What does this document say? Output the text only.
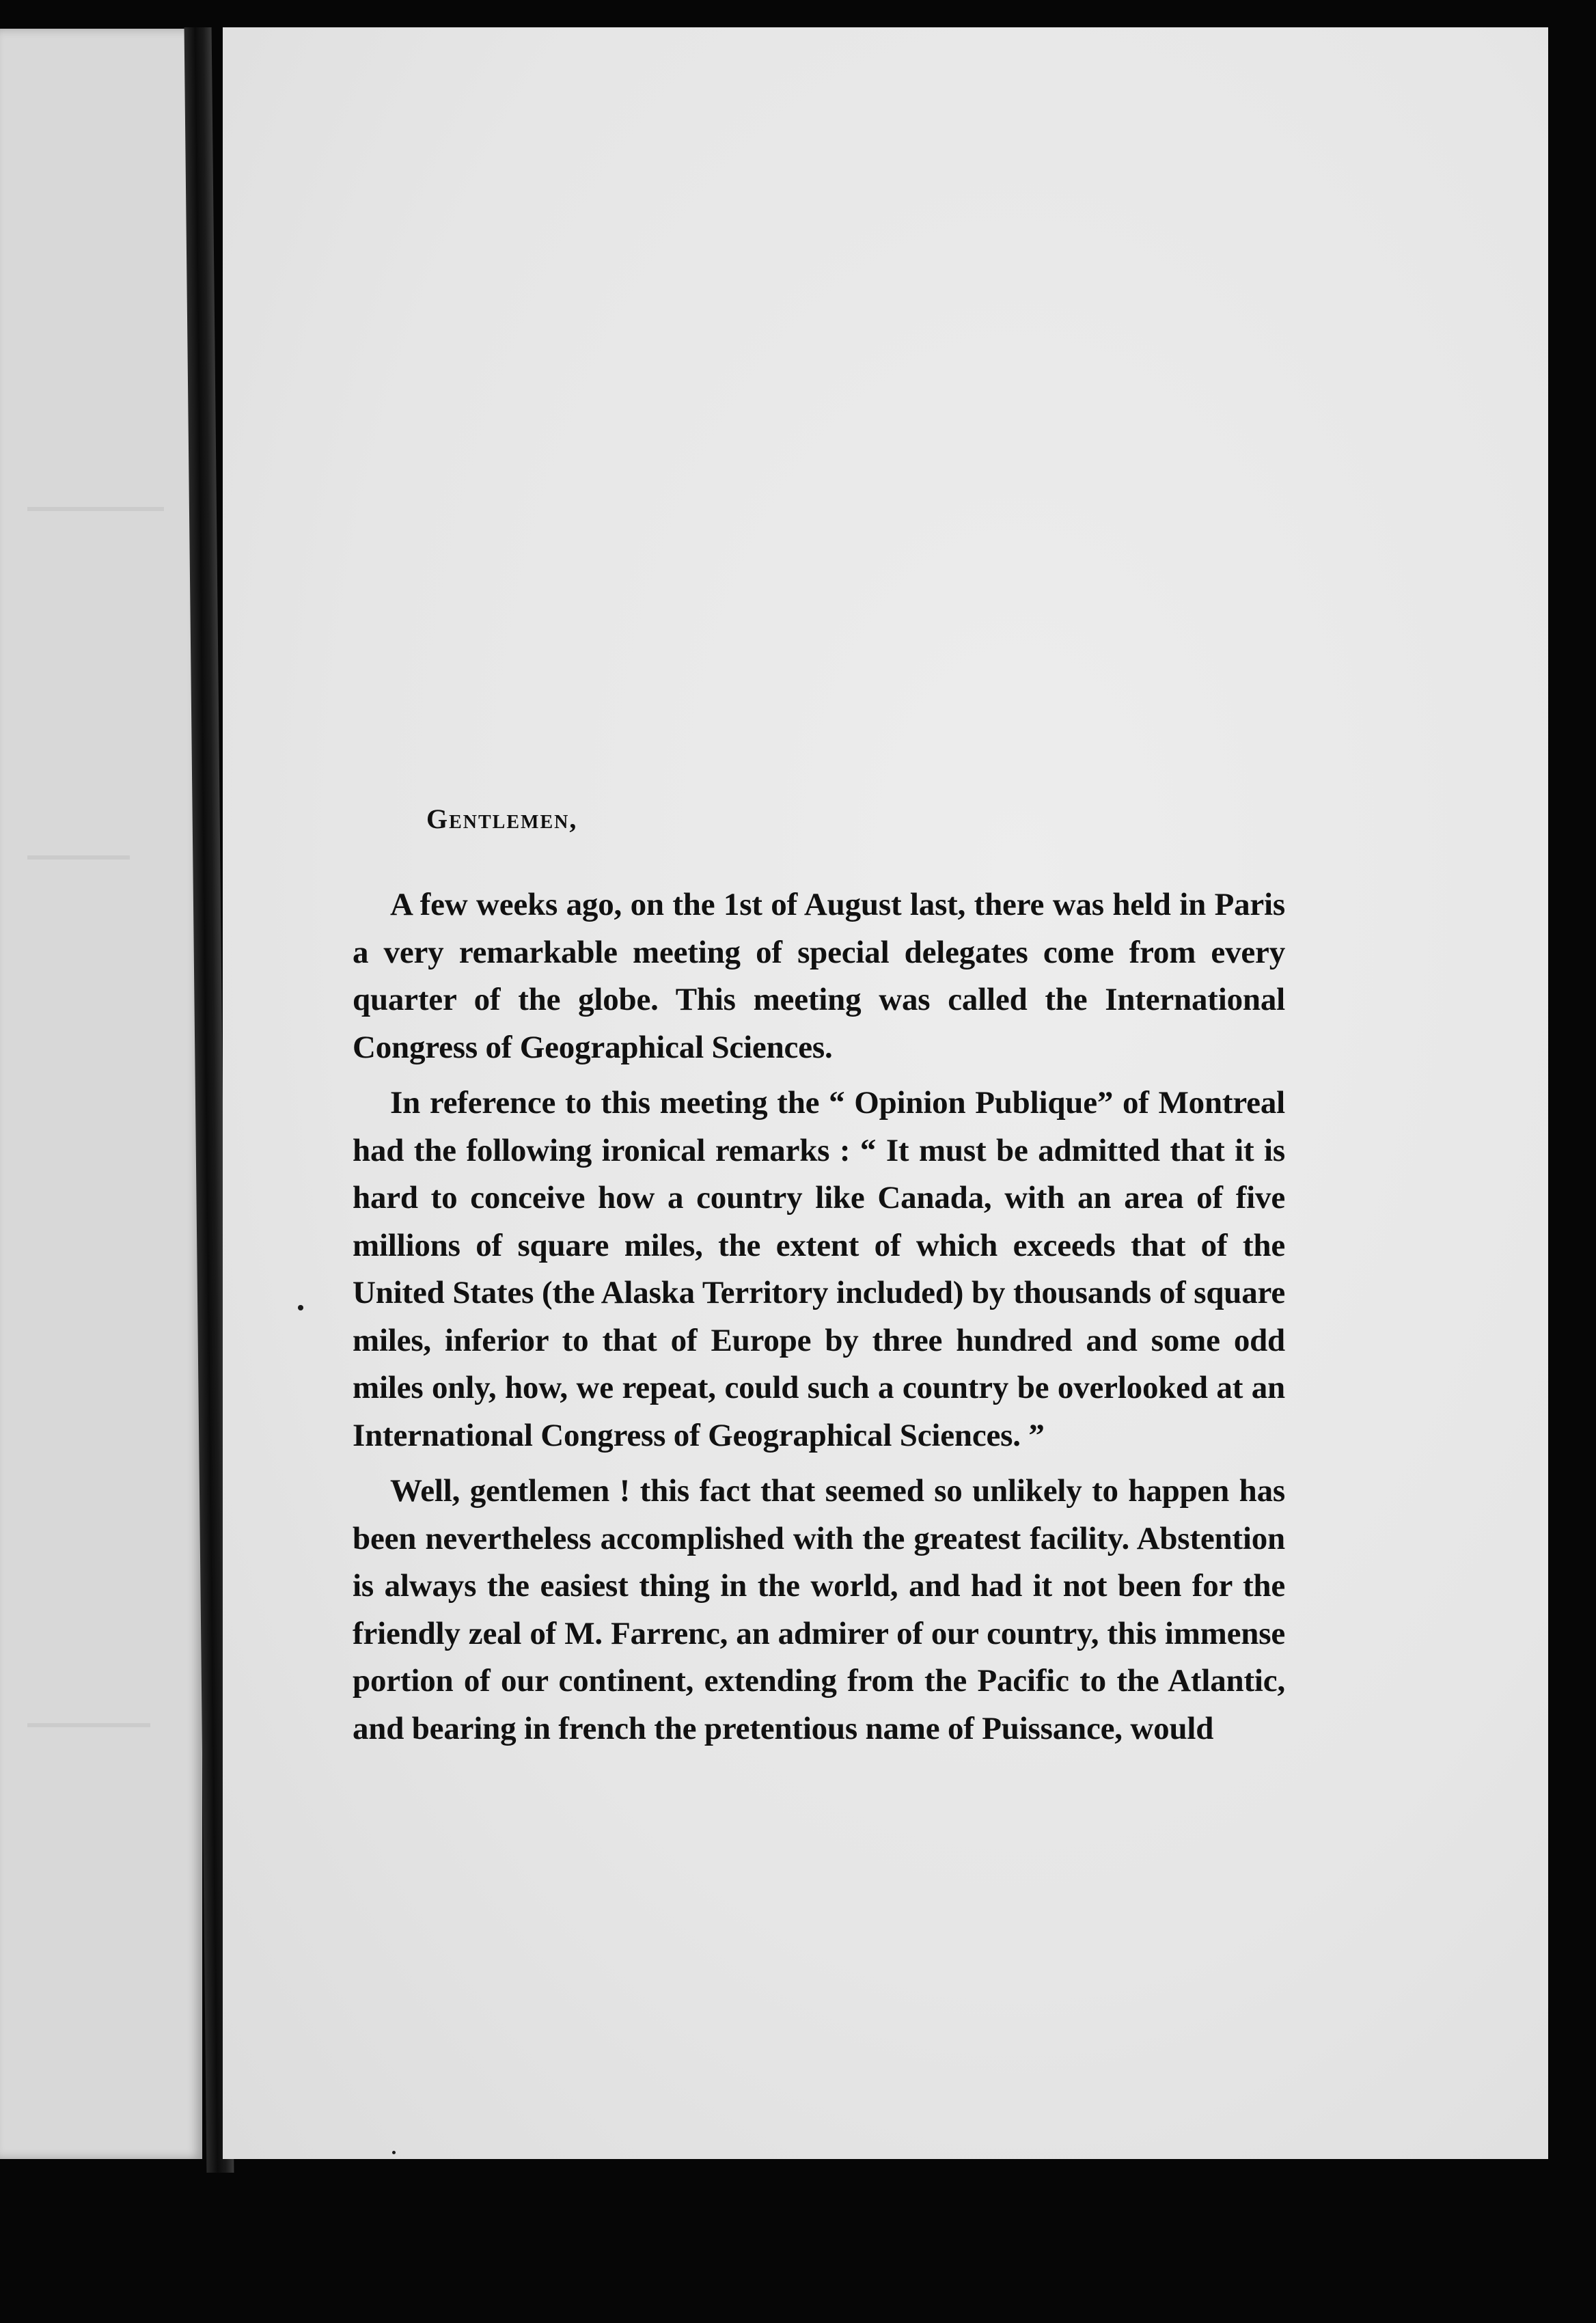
Gentlemen,

A few weeks ago, on the 1st of August last, there was held in Paris a very remarkable meeting of special delegates come from every quarter of the globe. This meeting was called the International Congress of Geographical Sciences.

In reference to this meeting the “ Opinion Publique” of Montreal had the following ironical remarks : “ It must be admitted that it is hard to conceive how a country like Canada, with an area of five millions of square miles, the extent of which exceeds that of the United States (the Alaska Territory included) by thousands of square miles, inferior to that of Europe by three hundred and some odd miles only, how, we repeat, could such a country be overlooked at an International Congress of Geographical Sciences. ”

Well, gentlemen ! this fact that seemed so unlikely to happen has been nevertheless accomplished with the greatest facility. Abstention is always the easiest thing in the world, and had it not been for the friendly zeal of M. Farrenc, an admirer of our country, this immense portion of our continent, extending from the Pacific to the Atlantic, and bearing in french the pretentious name of Puissance, would
